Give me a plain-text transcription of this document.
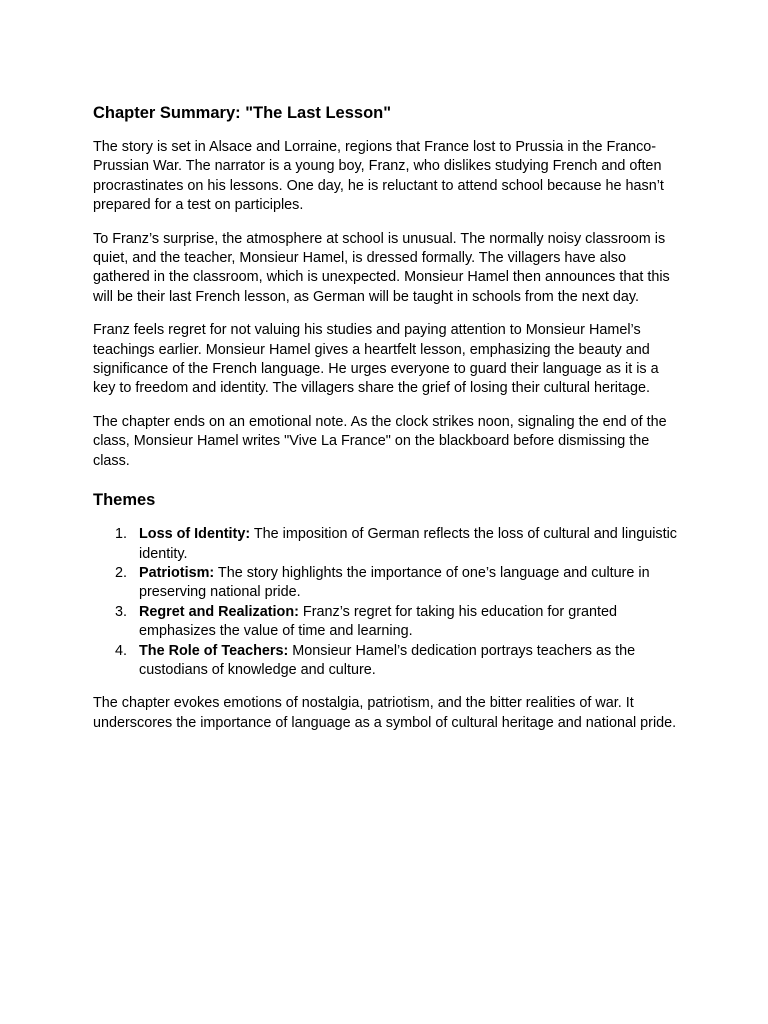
Chapter Summary: "The Last Lesson"

The story is set in Alsace and Lorraine, regions that France lost to Prussia in the Franco-Prussian War. The narrator is a young boy, Franz, who dislikes studying French and often procrastinates on his lessons. One day, he is reluctant to attend school because he hasn’t prepared for a test on participles.

To Franz’s surprise, the atmosphere at school is unusual. The normally noisy classroom is quiet, and the teacher, Monsieur Hamel, is dressed formally. The villagers have also gathered in the classroom, which is unexpected. Monsieur Hamel then announces that this will be their last French lesson, as German will be taught in schools from the next day.

Franz feels regret for not valuing his studies and paying attention to Monsieur Hamel’s teachings earlier. Monsieur Hamel gives a heartfelt lesson, emphasizing the beauty and significance of the French language. He urges everyone to guard their language as it is a key to freedom and identity. The villagers share the grief of losing their cultural heritage.

The chapter ends on an emotional note. As the clock strikes noon, signaling the end of the class, Monsieur Hamel writes "Vive La France" on the blackboard before dismissing the class.

Themes
1. Loss of Identity: The imposition of German reflects the loss of cultural and linguistic identity.
2. Patriotism: The story highlights the importance of one’s language and culture in preserving national pride.
3. Regret and Realization: Franz’s regret for taking his education for granted emphasizes the value of time and learning.
4. The Role of Teachers: Monsieur Hamel’s dedication portrays teachers as the custodians of knowledge and culture.

The chapter evokes emotions of nostalgia, patriotism, and the bitter realities of war. It underscores the importance of language as a symbol of cultural heritage and national pride.
